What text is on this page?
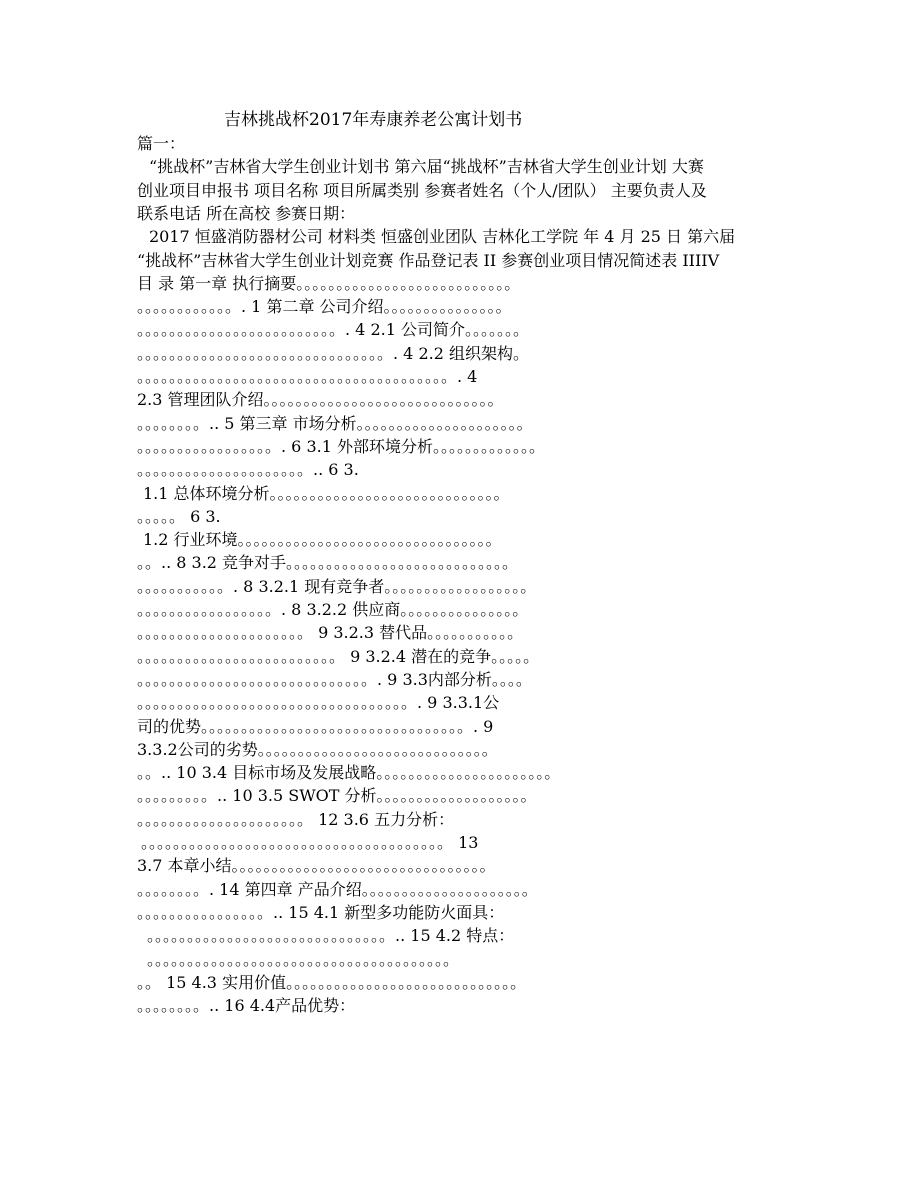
吉林挑战杯2017年寿康养老公寓计划书
篇一：
“挑战杯”吉林省大学生创业计划书 第六届“挑战杯”吉林省大学生创业计划 大赛
创业项目申报书 项目名称 项目所属类别 参赛者姓名（个人/团队） 主要负责人及
联系电话 所在高校 参赛日期：
2017 恒盛消防器材公司 材料类 恒盛创业团队 吉林化工学院 年 4 月 25 日 第六届
“挑战杯”吉林省大学生创业计划竞赛 作品登记表 II 参赛创业项目情况简述表 IIIIV
目 录 第一章 执行摘要。。。。。。。。。。。。。。。。。。。。。。。。。。。
。。。。。。。。。。。。. 1 第二章 公司介绍。。。。。。。。。。。。。。。
。。。。。。。。。。。。。。。。。。。。。。。。。. 4 2.1 公司简介。。。。。。。
。。。。。。。。。。。。。。。。。。。。。。。。。。。。。。。. 4 2.2 组织架构。
。。。。。。。。。。。。。。。。。。。。。。。。。。。。。。。。。。。。。。。. 4
2.3 管理团队介绍。。。。。。。。。。。。。。。。。。。。。。。。。。。。。
。。。。。。。。.. 5 第三章 市场分析。。。。。。。。。。。。。。。。。。。。。
。。。。。。。。。。。。。。。。。. 6 3.1 外部环境分析。。。。。。。。。。。。。
。。。。。。。。。。。。。。。。。。。。。.. 6 3.
1.1 总体环境分析。。。。。。。。。。。。。。。。。。。。。。。。。。。。。
。。。。。 6 3.
1.2 行业环境。。。。。。。。。。。。。。。。。。。。。。。。。。。。。。。。
。。.. 8 3.2 竞争对手。。。。。。。。。。。。。。。。。。。。。。。。。。。。
。。。。。。。。。。。. 8 3.2.1 现有竞争者。。。。。。。。。。。。。。。。。。
。。。。。。。。。。。。。。。。。. 8 3.2.2 供应商。。。。。。。。。。。。。。。
。。。。。。。。。。。。。。。。。。。。。 9 3.2.3 替代品。。。。。。。。。。。
。。。。。。。。。。。。。。。。。。。。。。。。。 9 3.2.4 潜在的竞争。。。。。
。。。。。。。。。。。。。。。。。。。。。。。。。。。。。. 9 3.3内部分析。。。。
。。。。。。。。。。。。。。。。。。。。。。。。。。。。。。。。。。. 9 3.3.1公
司的优势。。。。。。。。。。。。。。。。。。。。。。。。。。。。。。。。。. 9
3.3.2公司的劣势。。。。。。。。。。。。。。。。。。。。。。。。。。。。。
。。.. 10 3.4 目标市场及发展战略。。。。。。。。。。。。。。。。。。。。。。
。。。。。。。。。.. 10 3.5 SWOT 分析。。。。。。。。。。。。。。。。。。。
。。。。。。。。。。。。。。。。。。。。。 12 3.6 五力分析：
。。。。。。。。。。。。。。。。。。。。。。。。。。。。。。。。。。。。。。 13
3.7 本章小结。。。。。。。。。。。。。。。。。。。。。。。。。。。。。。。。
。。。。。。。。. 14 第四章 产品介绍。。。。。。。。。。。。。。。。。。。。。
。。。。。。。。。。。。。。。。.. 15 4.1 新型多功能防火面具：
。。。。。。。。。。。。。。。。。。。。。。。。。。。。。。.. 15 4.2 特点：
。。。。。。。。。。。。。。。。。。。。。。。。。。。。。。。。。。。。。。
。。 15 4.3 实用价值。。。。。。。。。。。。。。。。。。。。。。。。。。。。。
。。。。。。。。.. 16 4.4产品优势：
